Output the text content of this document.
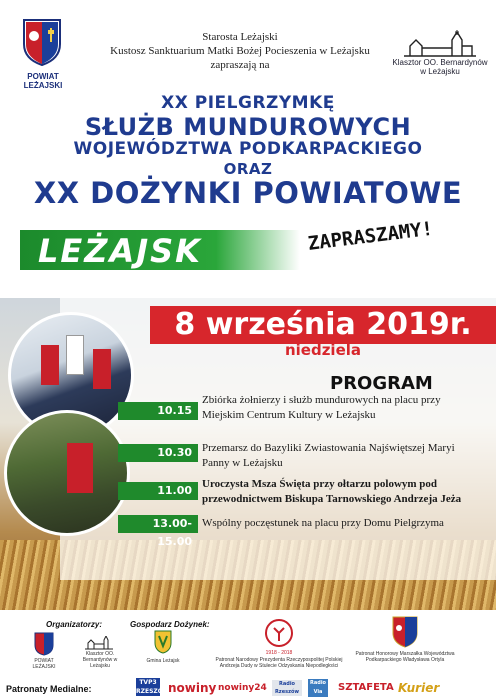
POWIAT LEŻAJSKI
Starosta Leżajski
Kustosz Sanktuarium Matki Bożej Pocieszenia w Leżajsku
zapraszają na	Klasztor OO. Bernardynów
w Leżajsku
XX PIELGRZYMKĘ
SŁUŻB MUNDUROWYCH
WOJEWÓDZTWA PODKARPACKIEGO
ORAZ
XX DOŻYNKI POWIATOWE
LEŻAJSK	ZAPRASZAMY!
8 września 2019r.
niedziela
PROGRAM
10.15
Zbiórka żołnierzy i służb mundurowych na placu przy Miejskim Centrum Kultury w Leżajsku
10.30 Przemarsz do Bazyliki Zwiastowania Najświętszej Maryi Panny w Leżajsku
11.00 Uroczysta Msza Święta przy ołtarzu polowym pod przewodnictwem Biskupa Tarnowskiego Andrzeja Jeża
13.00-15.00
Wspólny poczęstunek na placu przy Domu Pielgrzyma
Organizatorzy:	Gospodarz Dożynek:
POWIAT LEŻAJSKI
Klasztor OO. Bernardynów w Leżajsku
Gmina Leżajsk
1918 - 2018
Patronat Narodowy Prezydenta Rzeczypospolitej Polskiej Andrzeja Dudy w Stulecie Odzyskania Niepodległości
Patronat Honorowy Marszałka Województwa Podkarpackiego Władysława Ortyla
Patronaty Medialne:
TVP3 RZESZÓW
nowiny nowiny24	Radio Rzeszów
Radio Via	SZTAFETA Kurier
